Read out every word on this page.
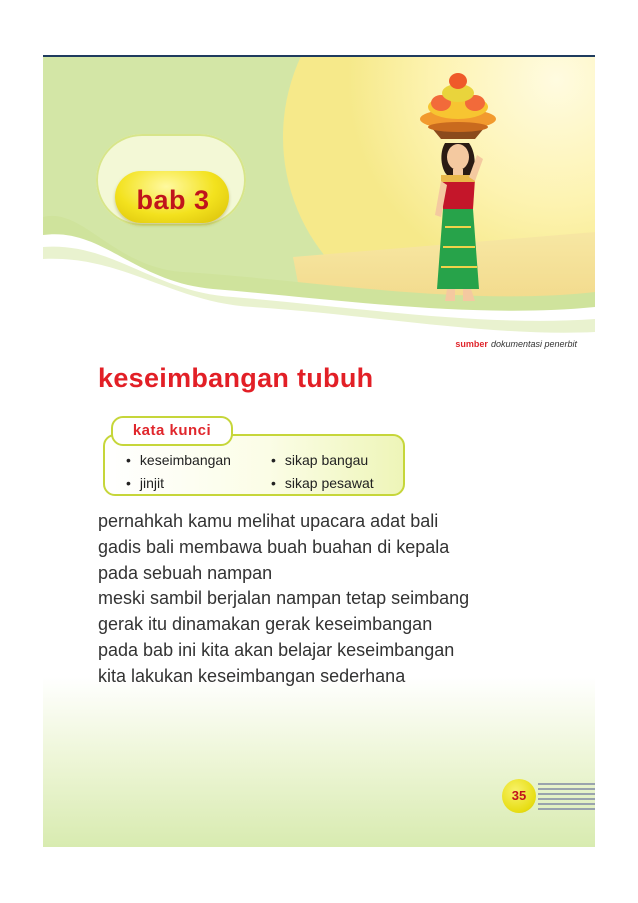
sumber dokumentasi penerbit
bab 3
keseimbangan tubuh
kata kunci
• keseimbangan
• jinjit
• sikap bangau
• sikap pesawat

pernahkah kamu melihat upacara adat bali

gadis bali membawa buah buahan di kepala

pada sebuah nampan

meski sambil berjalan nampan tetap seimbang

gerak itu dinamakan gerak keseimbangan

pada bab ini kita akan belajar keseimbangan

kita lakukan keseimbangan sederhana

35
